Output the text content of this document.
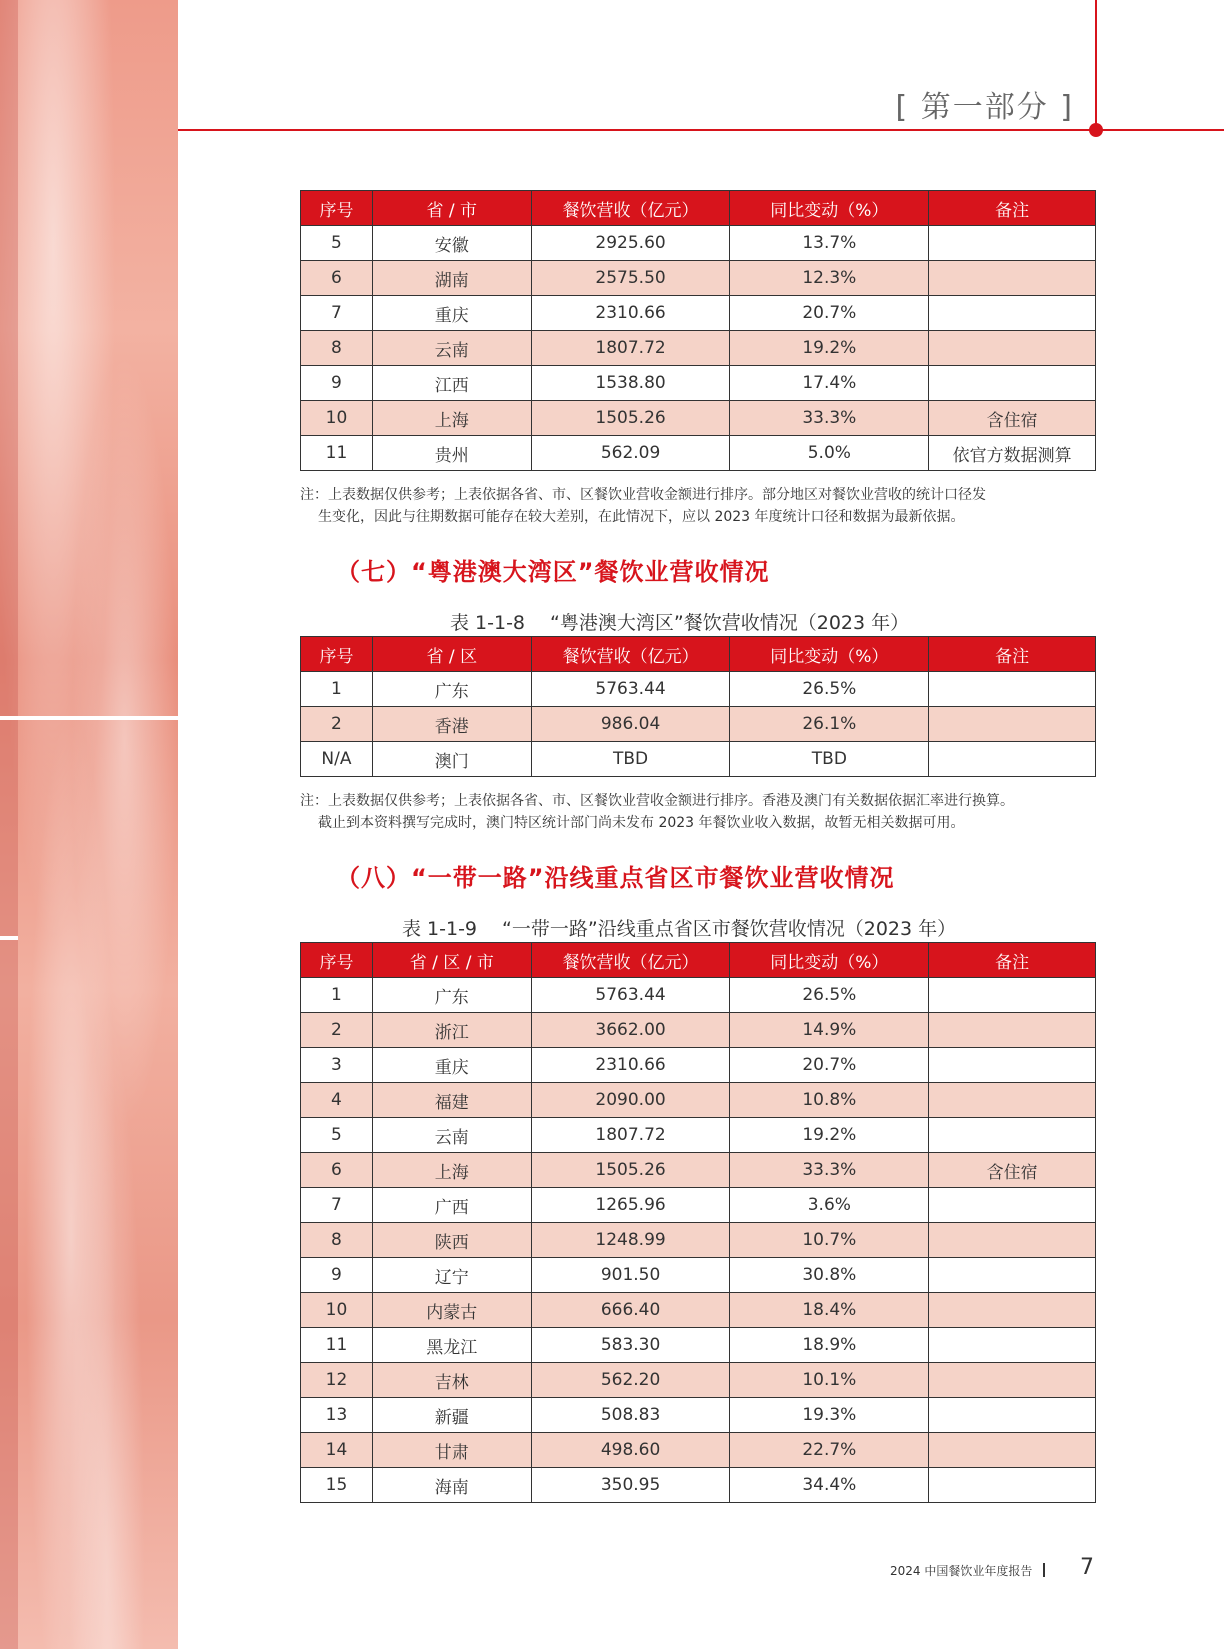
[ 第一部分 ]
序号	省 / 市	餐饮营收（亿元）	同比变动（%）	备注
5	安徽	2925.60	13.7%	
6	湖南	2575.50	12.3%	
7	重庆	2310.66	20.7%	
8	云南	1807.72	19.2%	
9	江西	1538.80	17.4%	
10	上海	1505.26	33.3%	含住宿
11	贵州	562.09	5.0%	依官方数据测算
注：上表数据仅供参考；上表依据各省、市、区餐饮业营收金额进行排序。部分地区对餐饮业营收的统计口径发
生变化，因此与往期数据可能存在较大差别，在此情况下，应以 2023 年度统计口径和数据为最新依据。
（七）“粤港澳大湾区”餐饮业营收情况
表 1-1-8 　“粤港澳大湾区”餐饮营收情况（2023 年）
序号	省 / 区	餐饮营收（亿元）	同比变动（%）	备注
1	广东	5763.44	26.5%	
2	香港	986.04	26.1%	
N/A	澳门	TBD	TBD	
注：上表数据仅供参考；上表依据各省、市、区餐饮业营收金额进行排序。香港及澳门有关数据依据汇率进行换算。
截止到本资料撰写完成时，澳门特区统计部门尚未发布 2023 年餐饮业收入数据，故暂无相关数据可用。
（八）“一带一路”沿线重点省区市餐饮业营收情况
表 1-1-9 　“一带一路”沿线重点省区市餐饮营收情况（2023 年）
序号	省 / 区 / 市	餐饮营收（亿元）	同比变动（%）	备注
1	广东	5763.44	26.5%	
2	浙江	3662.00	14.9%	
3	重庆	2310.66	20.7%	
4	福建	2090.00	10.8%	
5	云南	1807.72	19.2%	
6	上海	1505.26	33.3%	含住宿
7	广西	1265.96	3.6%	
8	陕西	1248.99	10.7%	
9	辽宁	901.50	30.8%	
10	内蒙古	666.40	18.4%	
11	黑龙江	583.30	18.9%	
12	吉林	562.20	10.1%	
13	新疆	508.83	19.3%	
14	甘肃	498.60	22.7%	
15	海南	350.95	34.4%	
2024 中国餐饮业年度报告 7
